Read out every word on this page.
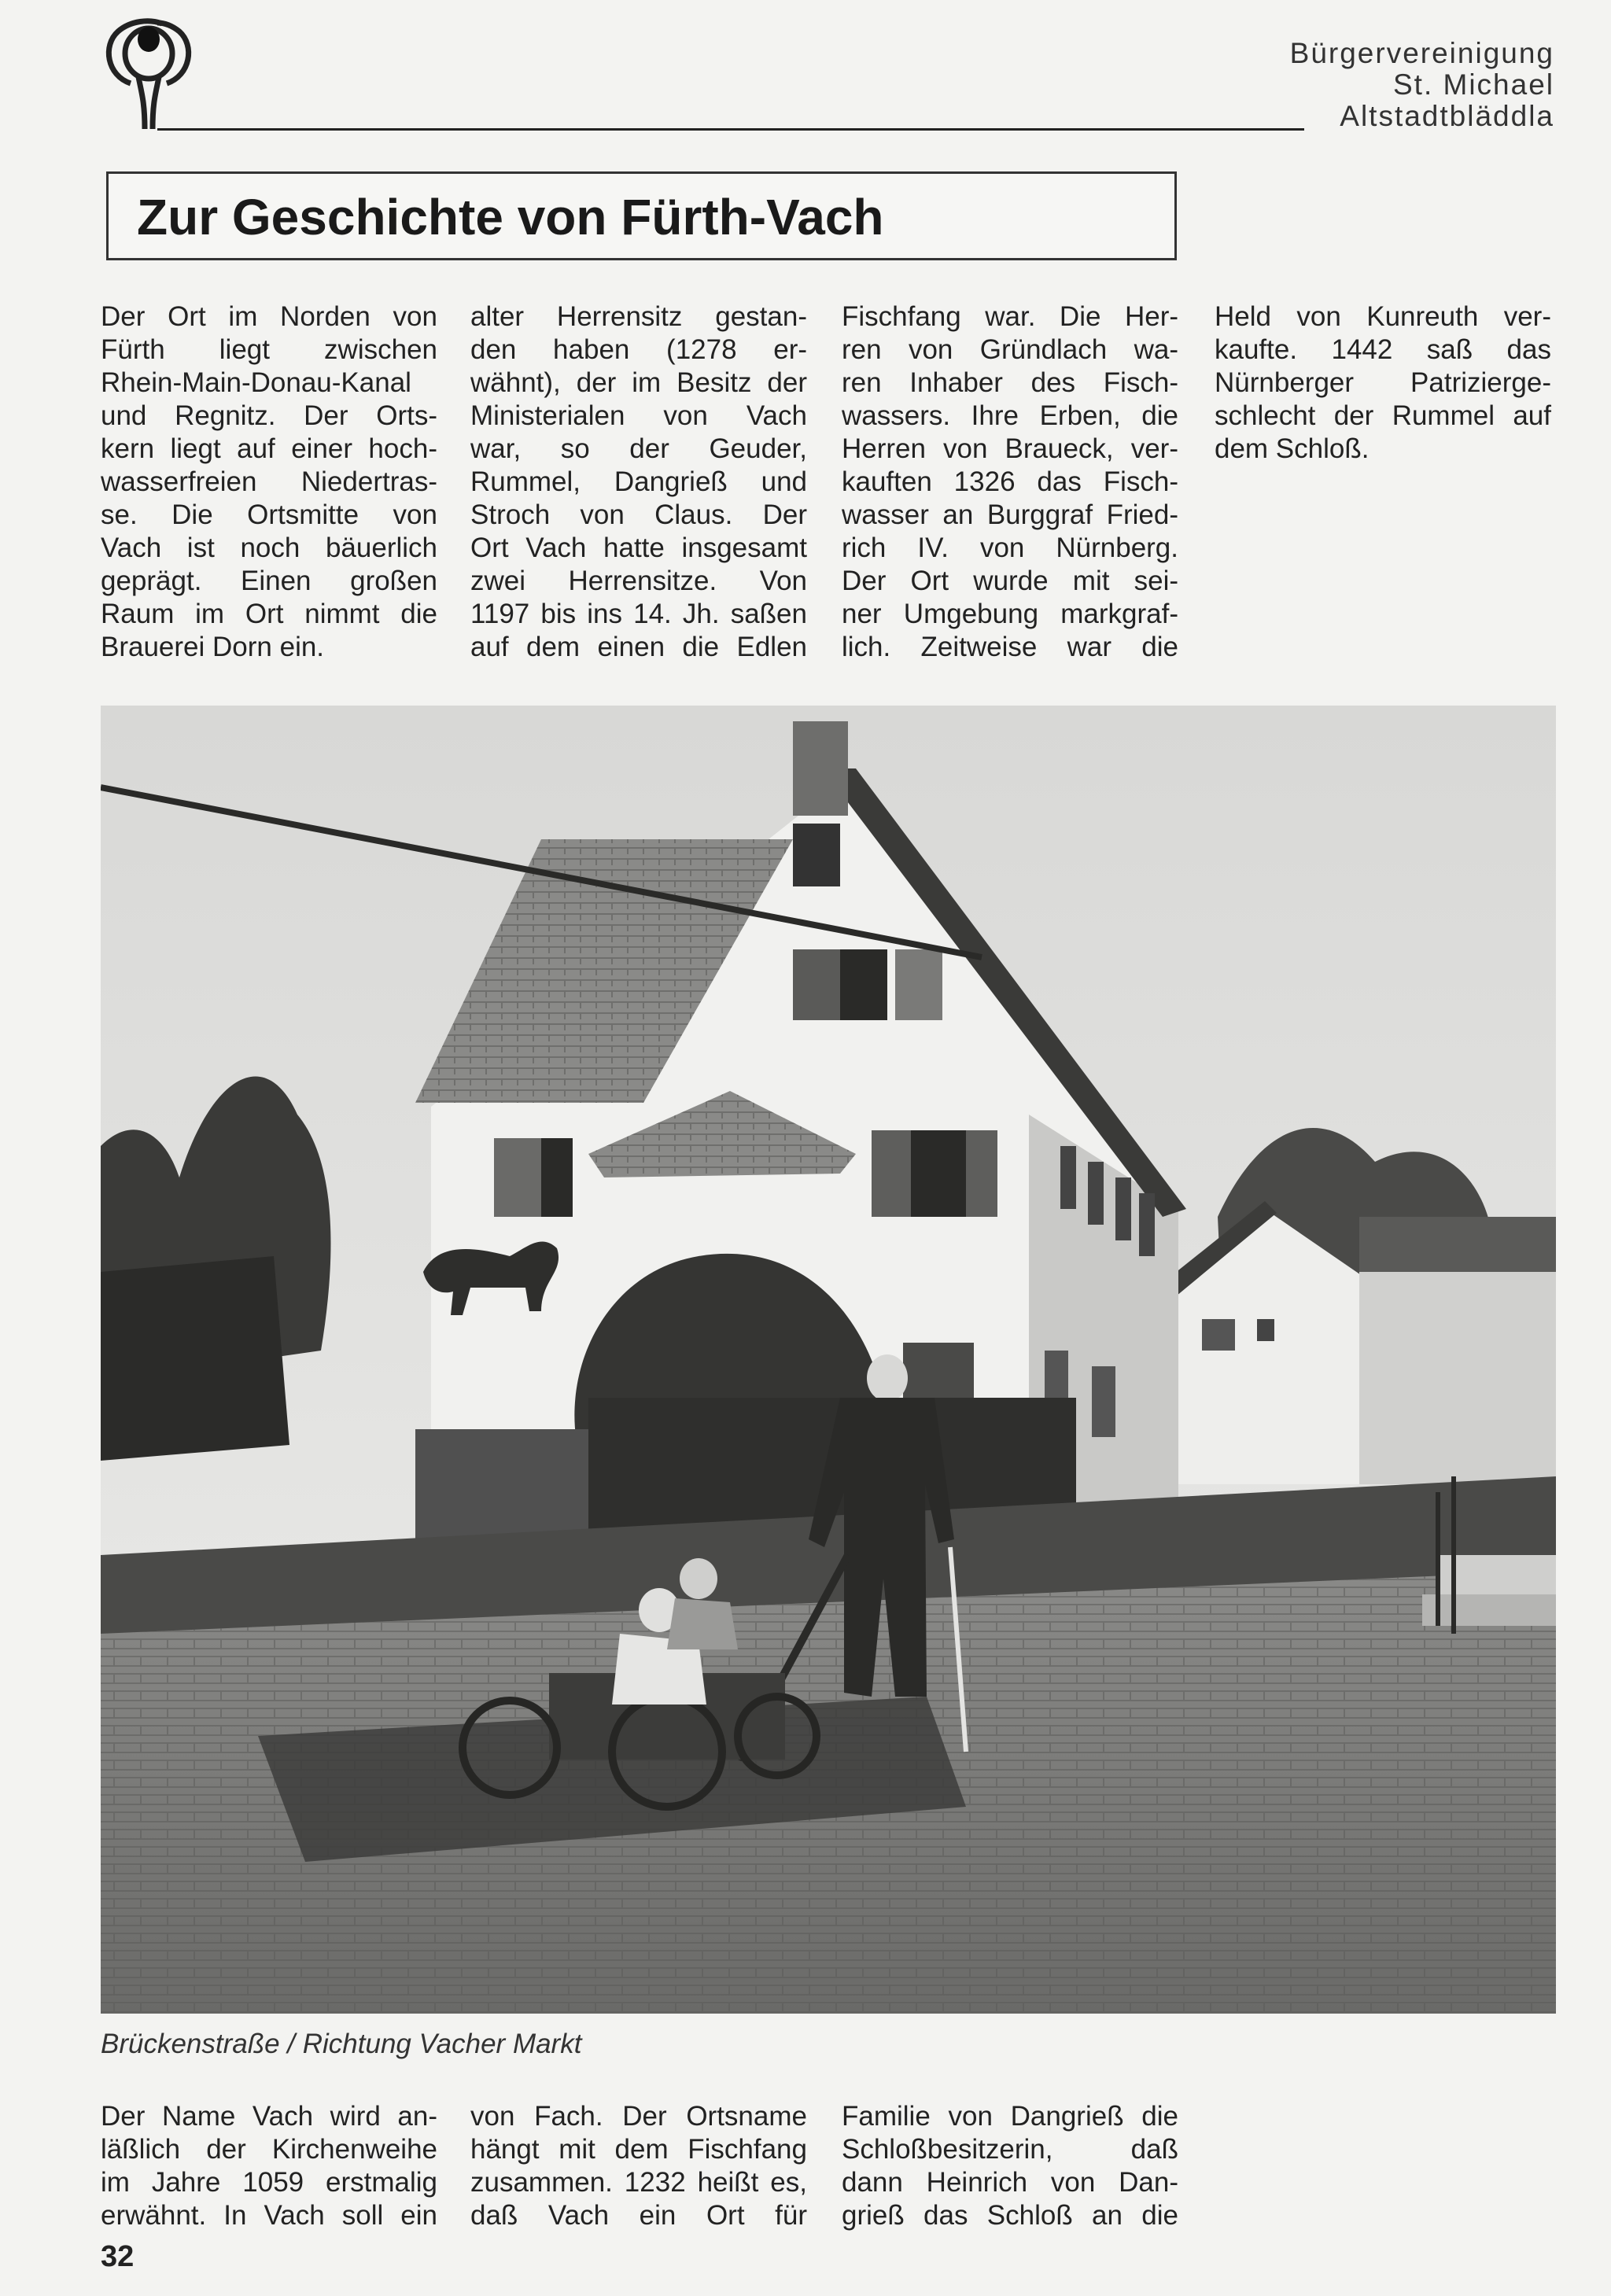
Bürgervereinigung
St. Michael
Altstadtbläddla
Zur Geschichte von Fürth-Vach
Der Ort im Norden von
Fürth liegt zwischen
Rhein-Main-Donau-Kanal
und Regnitz. Der Orts-
kern liegt auf einer hoch-
wasserfreien Niedertras-
se. Die Ortsmitte von
Vach ist noch bäuerlich
geprägt. Einen großen
Raum im Ort nimmt die
Brauerei Dorn ein.
alter Herrensitz gestan-
den haben (1278 er-
wähnt), der im Besitz der
Ministerialen von Vach
war, so der Geuder,
Rummel, Dangrieß und
Stroch von Claus. Der
Ort Vach hatte insgesamt
zwei Herrensitze. Von
1197 bis ins 14. Jh. saßen
auf dem einen die Edlen
Fischfang war. Die Her-
ren von Gründlach wa-
ren Inhaber des Fisch-
wassers. Ihre Erben, die
Herren von Braueck, ver-
kauften 1326 das Fisch-
wasser an Burggraf Fried-
rich IV. von Nürnberg.
Der Ort wurde mit sei-
ner Umgebung markgraf-
lich. Zeitweise war die
Held von Kunreuth ver-
kaufte. 1442 saß das
Nürnberger Patrizierge-
schlecht der Rummel auf
dem Schloß.
Brückenstraße / Richtung Vacher Markt
Der Name Vach wird an-
läßlich der Kirchenweihe
im Jahre 1059 erstmalig
erwähnt. In Vach soll ein
von Fach. Der Ortsname
hängt mit dem Fischfang
zusammen. 1232 heißt es,
daß Vach ein Ort für
Familie von Dangrieß die
Schloßbesitzerin, daß
dann Heinrich von Dan-
grieß das Schloß an die
32
